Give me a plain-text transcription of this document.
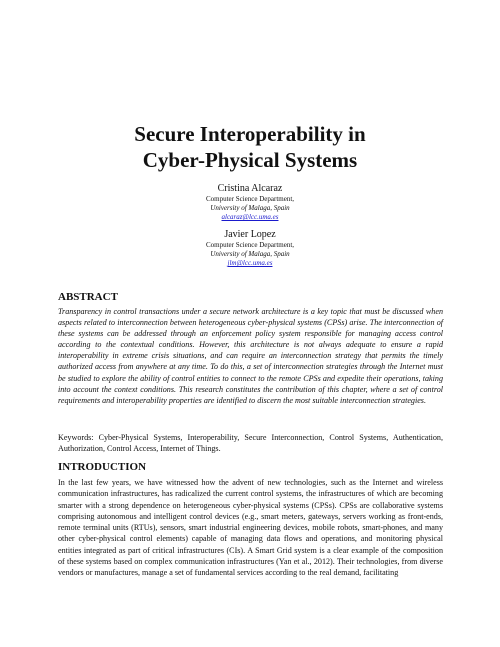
Secure Interoperability in
Cyber-Physical Systems
Cristina Alcaraz
Computer Science Department,
University of Malaga, Spain
alcaraz@lcc.uma.es
Javier Lopez
Computer Science Department,
University of Malaga, Spain
jlm@lcc.uma.es
ABSTRACT
Transparency in control transactions under a secure network architecture is a key topic that must be discussed when aspects related to interconnection between heterogeneous cyber-physical systems (CPSs) arise. The interconnection of these systems can be addressed through an enforcement policy system responsible for managing access control according to the contextual conditions. However, this architecture is not always adequate to ensure a rapid interoperability in extreme crisis situations, and can require an interconnection strategy that permits the timely authorized access from anywhere at any time. To do this, a set of interconnection strategies through the Internet must be studied to explore the ability of control entities to connect to the remote CPSs and expedite their operations, taking into account the context conditions. This research constitutes the contribution of this chapter, where a set of control requirements and interoperability properties are identified to discern the most suitable interconnection strategies.
Keywords: Cyber-Physical Systems, Interoperability, Secure Interconnection, Control Systems, Authentication, Authorization, Control Access, Internet of Things.
INTRODUCTION
In the last few years, we have witnessed how the advent of new technologies, such as the Internet and wireless communication infrastructures, has radicalized the current control systems, the infrastructures of which are becoming smarter with a strong dependence on heterogeneous cyber-physical systems (CPSs). CPSs are collaborative systems comprising autonomous and intelligent control devices (e.g., smart meters, gateways, servers working as front-ends, remote terminal units (RTUs), sensors, smart industrial engineering devices, mobile robots, smart-phones, and many other cyber-physical control elements) capable of managing data flows and operations, and monitoring physical entities integrated as part of critical infrastructures (CIs). A Smart Grid system is a clear example of the composition of these systems based on complex communication infrastructures (Yan et al., 2012). Their technologies, from diverse vendors or manufactures, manage a set of fundamental services according to the real demand, facilitating
